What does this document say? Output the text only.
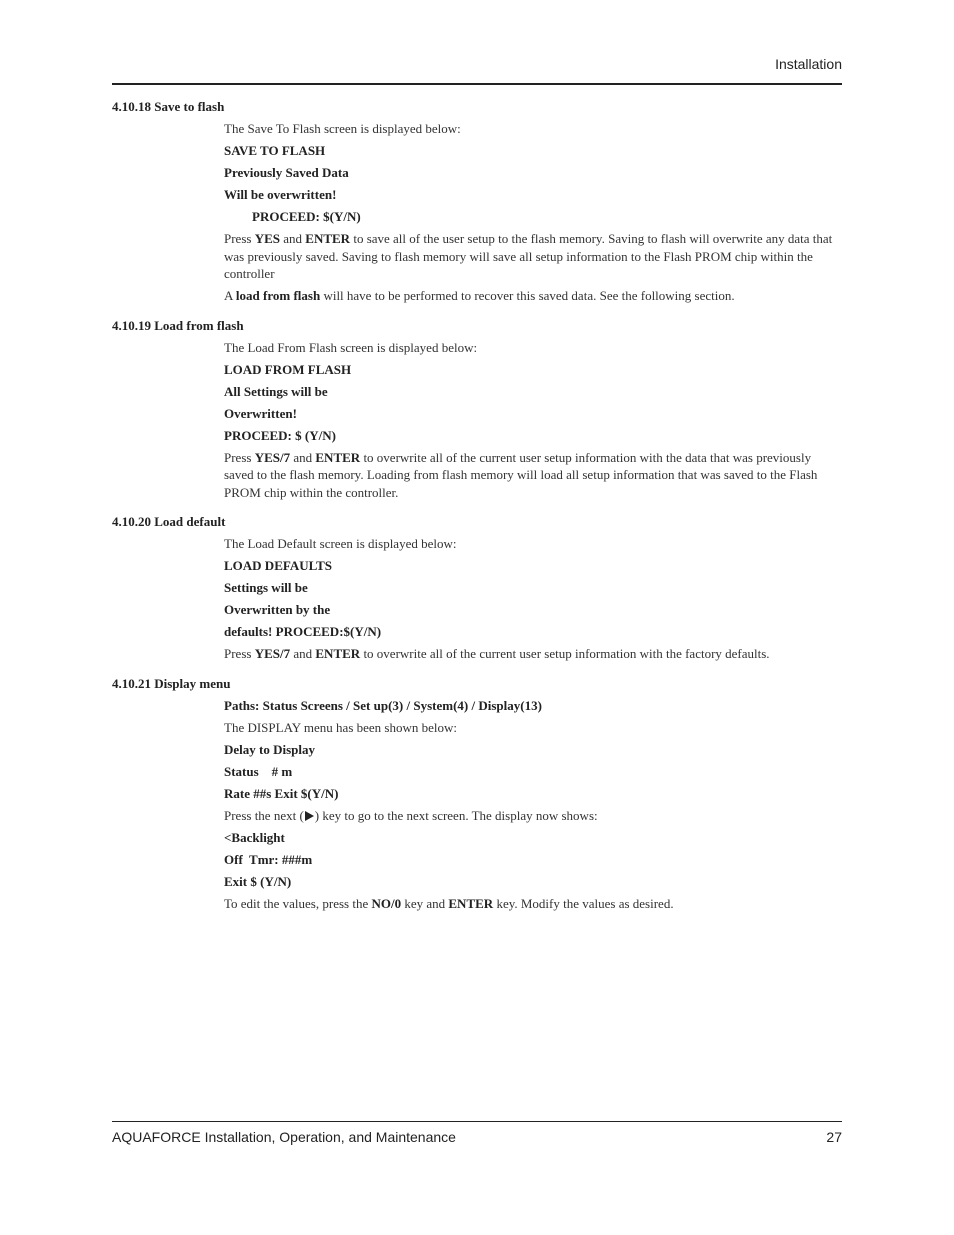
Installation
4.10.18 Save to flash
The Save To Flash screen is displayed below:
SAVE TO FLASH
Previously Saved Data
Will be overwritten!
PROCEED: $(Y/N)
Press YES and ENTER to save all of the user setup to the flash memory. Saving to flash will overwrite any data that was previously saved. Saving to flash memory will save all setup information to the Flash PROM chip within the controller
A load from flash will have to be performed to recover this saved data. See the following section.
4.10.19 Load from flash
The Load From Flash screen is displayed below:
LOAD FROM FLASH
All Settings will be
Overwritten!
PROCEED: $ (Y/N)
Press YES/7 and ENTER to overwrite all of the current user setup information with the data that was previously saved to the flash memory. Loading from flash memory will load all setup information that was saved to the Flash PROM chip within the controller.
4.10.20 Load default
The Load Default screen is displayed below:
LOAD DEFAULTS
Settings will be
Overwritten by the
defaults! PROCEED:$(Y/N)
Press YES/7 and ENTER to overwrite all of the current user setup information with the factory defaults.
4.10.21 Display menu
Paths: Status Screens / Set up(3) / System(4) / Display(13)
The DISPLAY menu has been shown below:
Delay to Display
Status    # m
Rate ##s Exit $(Y/N)
Press the next ( ) key to go to the next screen. The display now shows:
<Backlight
Off  Tmr: ###m
Exit $ (Y/N)
To edit the values, press the NO/0 key and ENTER key. Modify the values as desired.
AQUAFORCE Installation, Operation, and Maintenance	27
